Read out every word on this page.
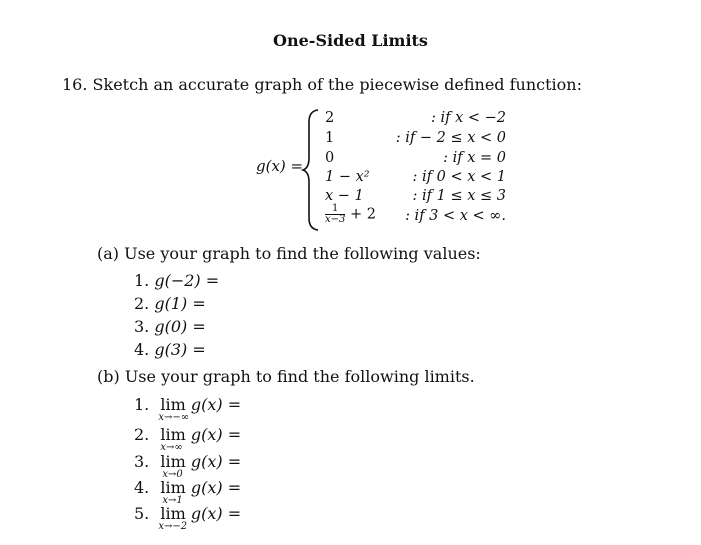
One-Sided Limits
16. Sketch an accurate graph of the piecewise defined function:
g(x) =
2	: if x < −2
1	: if − 2 ≤ x < 0
0	: if x = 0
1 − x²	: if 0 < x < 1
x − 1	: if 1 ≤ x ≤ 3
$\frac{1}{x-3} + 2$ : if 3 < x < ∞.
(a) Use your graph to find the following values:
1. g(−2) =
2. g(1) =
3. g(0) =
4. g(3) =
(b) Use your graph to find the following limits.
1. lim
x→−∞
g(x) =
2. lim
x→∞
g(x) =
3. lim
x→0
g(x) =
4. lim
x→1
g(x) =
5. lim
x→−2
g(x) =
